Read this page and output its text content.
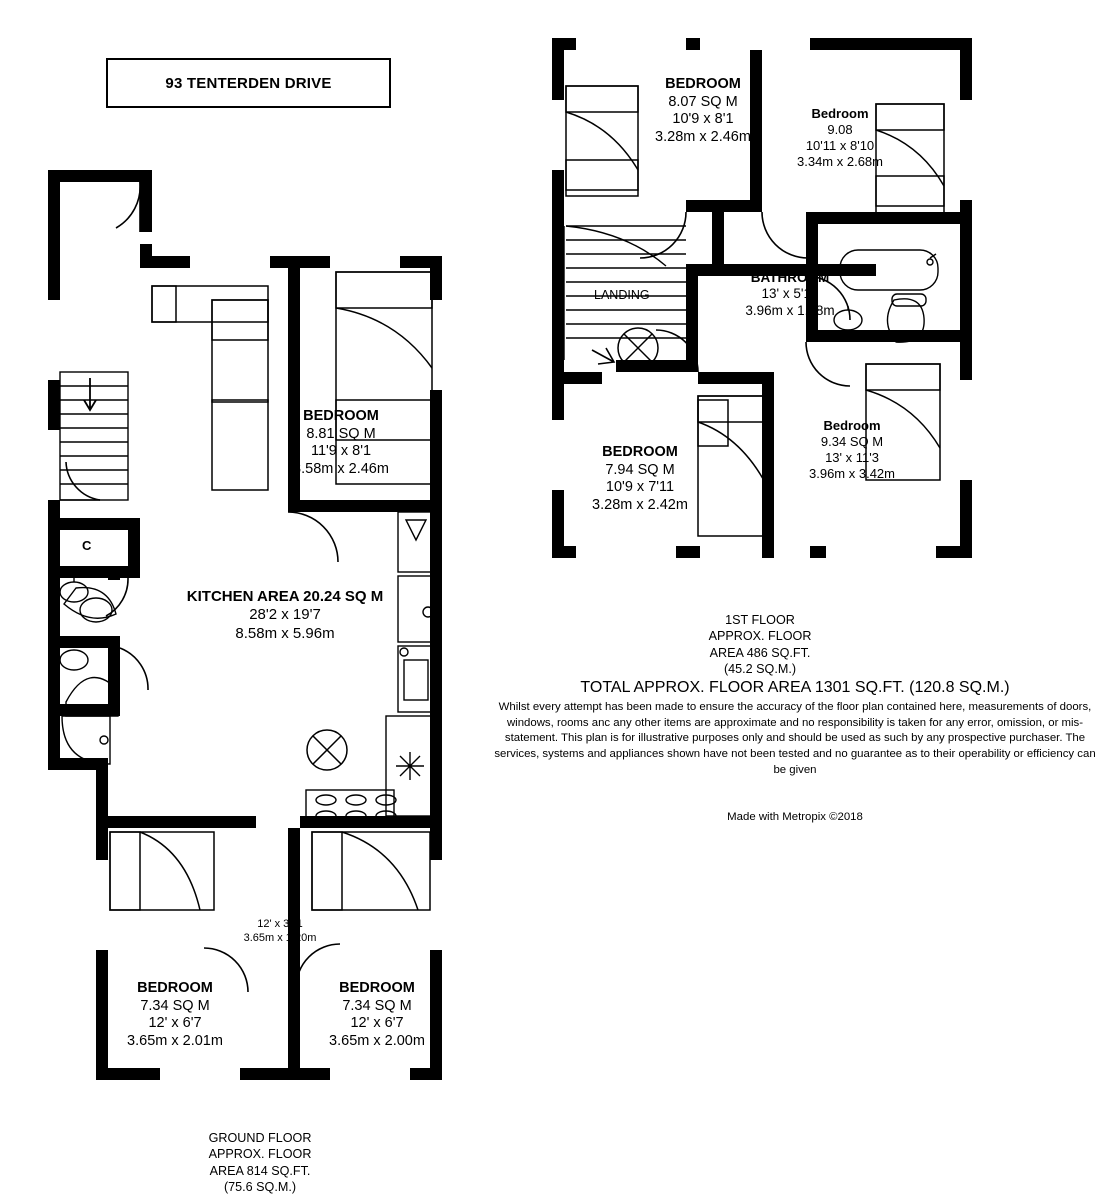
93 TENTERDEN DRIVE
BEDROOM
8.81 SQ M
11'9 x 8'1
3.58m x 2.46m
KITCHEN AREA 20.24 SQ M
28'2 x 19'7
8.58m x 5.96m
C
12' x 3'11
3.65m x 1.20m
BEDROOM
7.34 SQ M
12' x 6'7
3.65m x 2.01m
BEDROOM
7.34 SQ M
12' x 6'7
3.65m x 2.00m
GROUND FLOOR
APPROX. FLOOR
AREA 814 SQ.FT.
(75.6 SQ.M.)
BEDROOM
8.07 SQ M
10'9 x 8'1
3.28m x 2.46m
Bedroom
9.08
10'11 x 8'10
3.34m x 2.68m
BATHROOM
13' x 5'10
3.96m x 1.78m
LANDING
Bedroom
9.34 SQ M
13' x 11'3
3.96m x 3.42m
BEDROOM
7.94 SQ M
10'9 x 7'11
3.28m x 2.42m
1ST FLOOR
APPROX. FLOOR
AREA 486 SQ.FT.
(45.2 SQ.M.)
TOTAL APPROX. FLOOR AREA 1301 SQ.FT. (120.8 SQ.M.)
Whilst every attempt has been made to ensure the accuracy of the floor plan contained here, measurements of doors, windows, rooms anc any other items are approximate and no responsibility is taken for any error, omission, or mis-statement. This plan is for illustrative purposes only and should be used as such by any prospective purchaser. The services, systems and appliances shown have not been tested and no guarantee as to their operability or efficiency can be given
Made with Metropix ©2018
